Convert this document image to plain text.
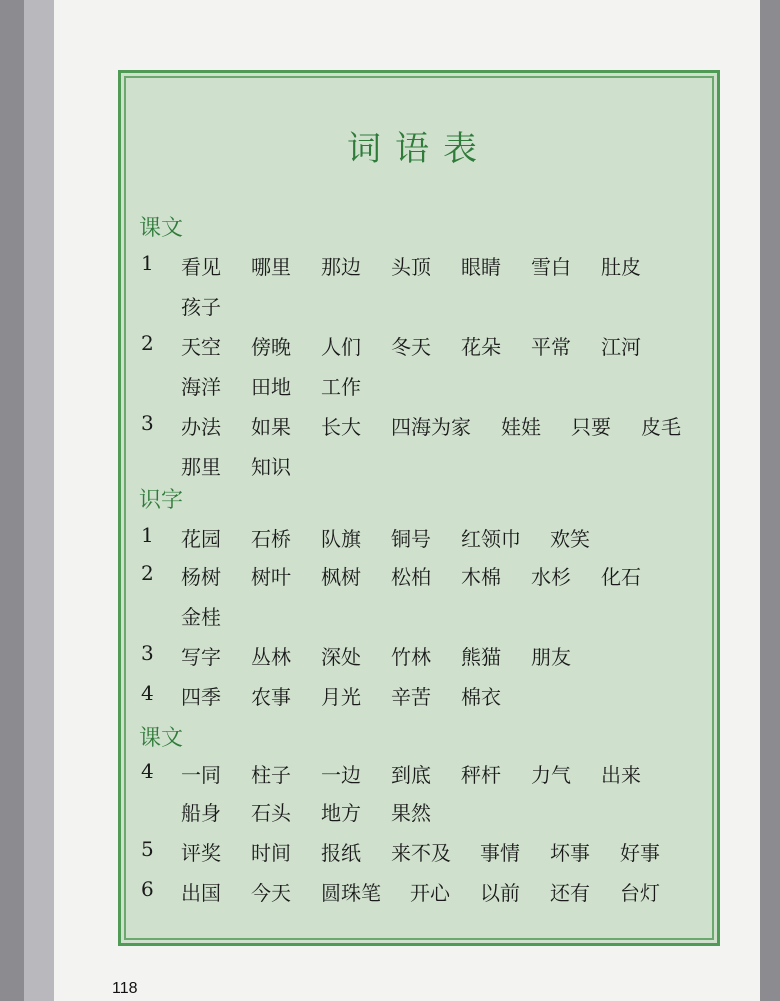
词语表
课文
1	看见 哪里 那边 头顶 眼睛 雪白 肚皮
孩子
2	天空 傍晚 人们 冬天 花朵 平常 江河
海洋 田地 工作
3	办法 如果 长大 四海为家 娃娃 只要 皮毛
那里 知识
识字
1	花园 石桥 队旗 铜号 红领巾 欢笑
2	杨树 树叶 枫树 松柏 木棉 水杉 化石
金桂
3	写字 丛林 深处 竹林 熊猫 朋友
4	四季 农事 月光 辛苦 棉衣
课文
4	一同 柱子 一边 到底 秤杆 力气 出来
船身 石头 地方 果然
5	评奖 时间 报纸 来不及 事情 坏事 好事
6	出国 今天 圆珠笔 开心 以前 还有 台灯
118
